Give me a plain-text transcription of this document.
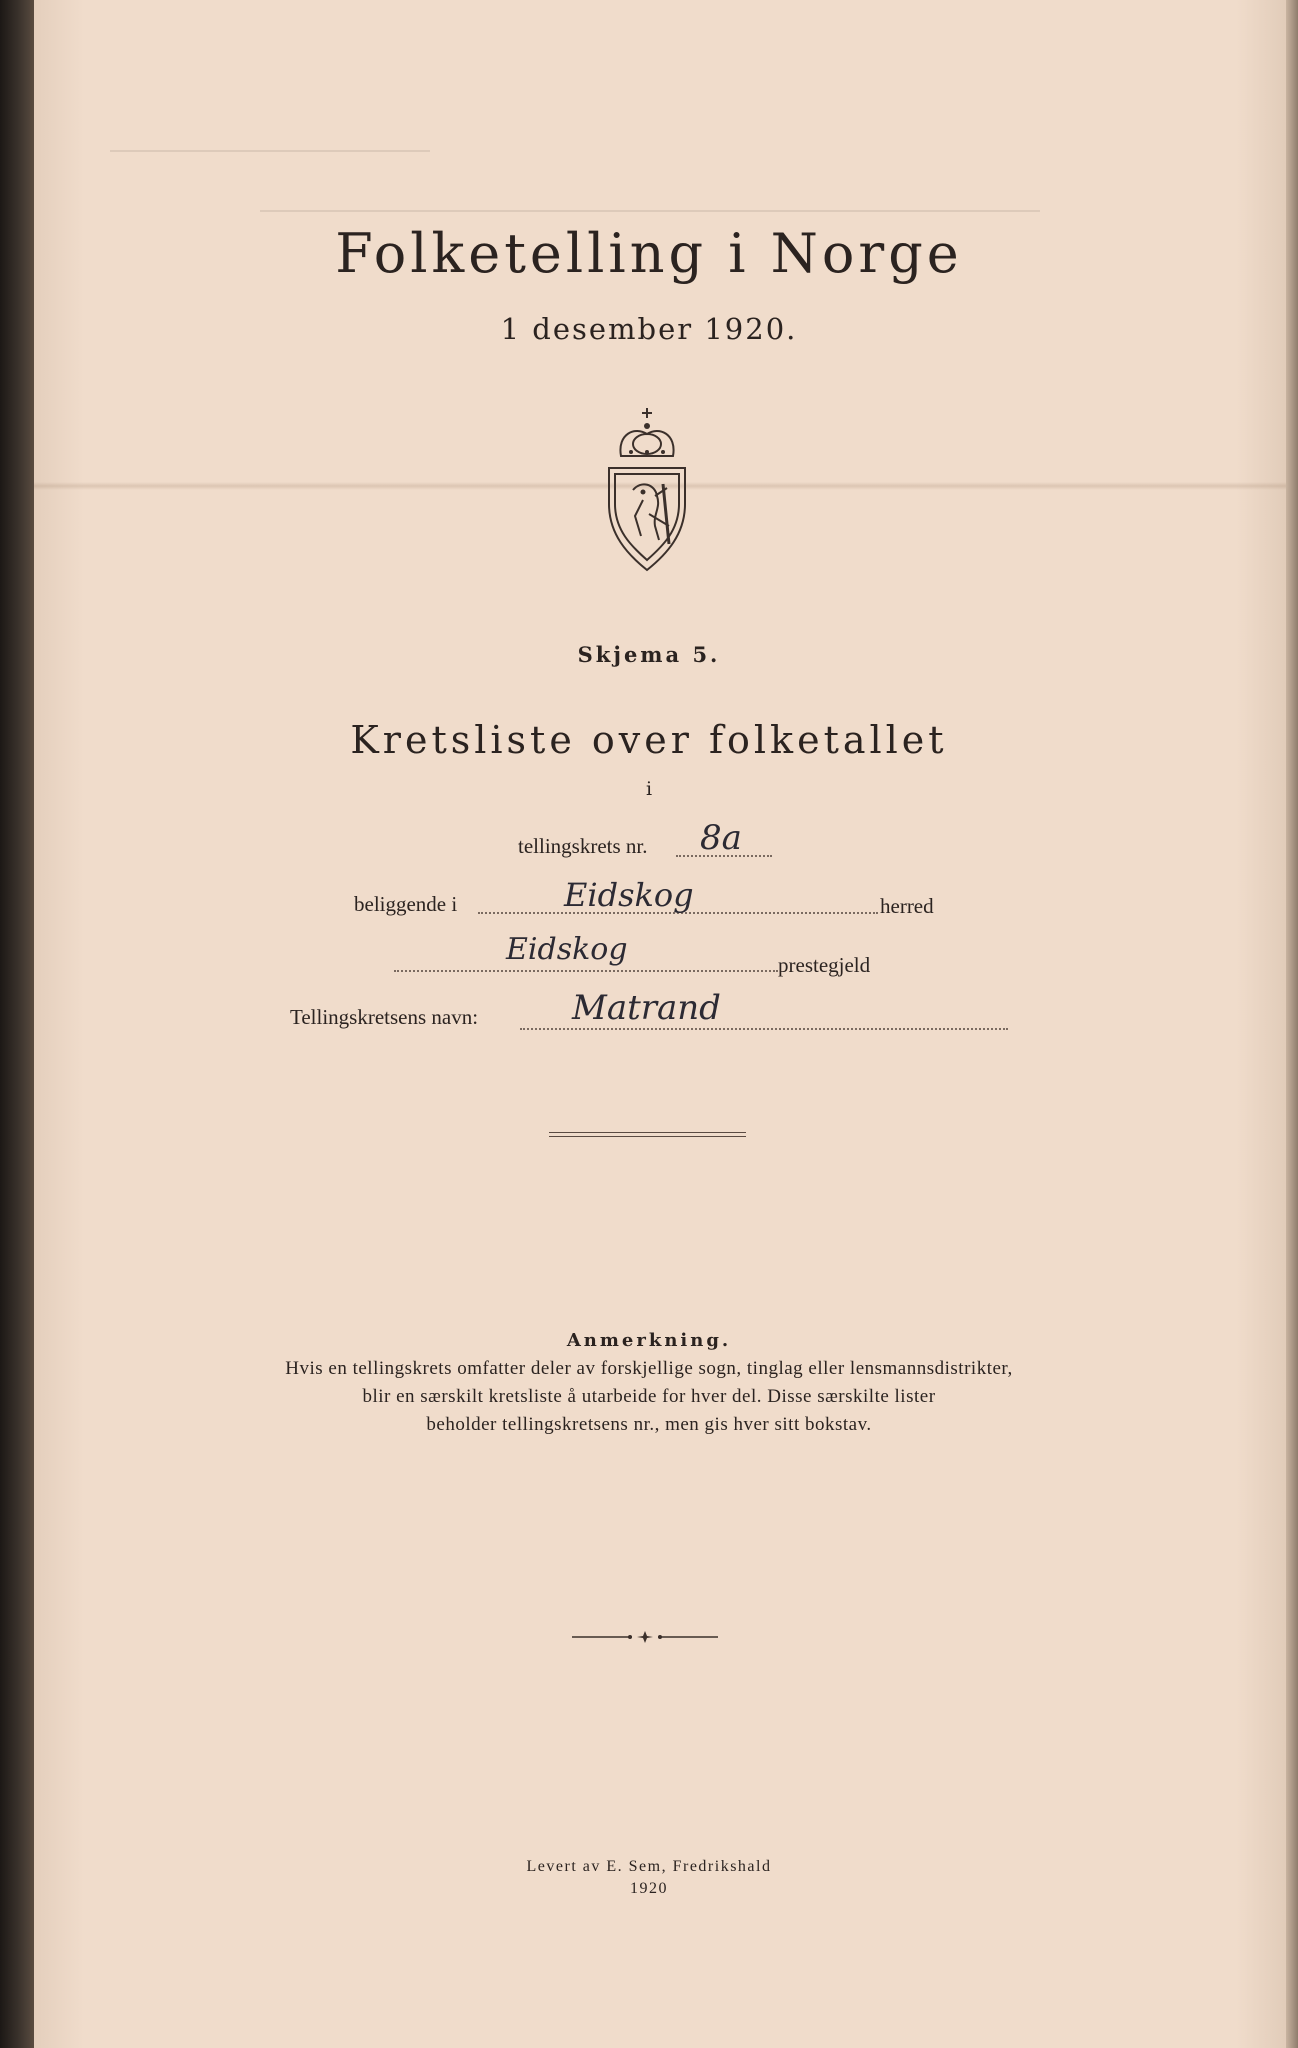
Folketelling i Norge
1 desember 1920.
Skjema 5.
Kretsliste over folketallet
i
tellingskrets nr. 8a
beliggende i	Eidskog	herred
Eidskog	prestegjeld
Tellingskretsens navn:	Matrand
Anmerkning.
Hvis en tellingskrets omfatter deler av forskjellige sogn, tinglag eller lensmannsdistrikter,
blir en særskilt kretsliste å utarbeide for hver del. Disse særskilte lister
beholder tellingskretsens nr., men gis hver sitt bokstav.
Levert av E. Sem, Fredrikshald
1920
